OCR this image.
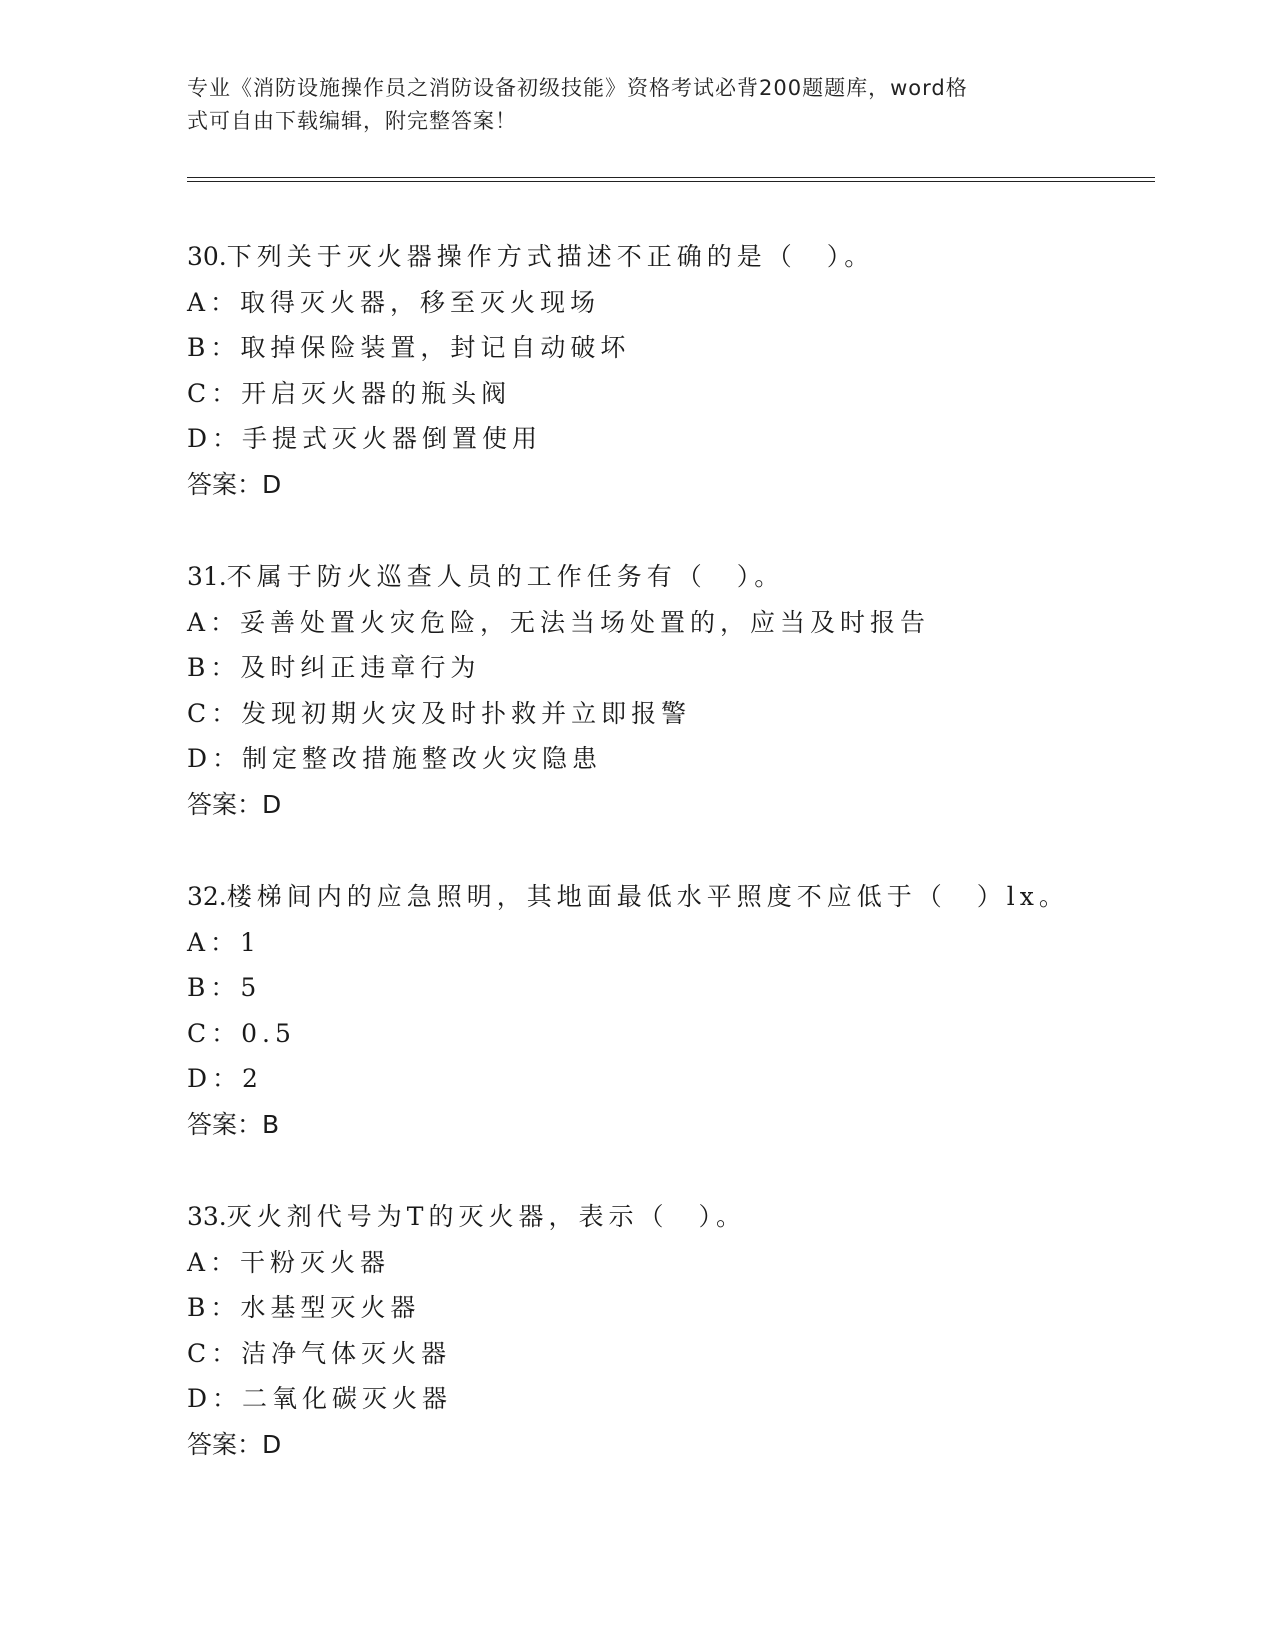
专业《消防设施操作员之消防设备初级技能》资格考试必背200题题库，word格
式可自由下载编辑，附完整答案！
30.下列关于灭火器操作方式描述不正确的是（　）。
A：取得灭火器，移至灭火现场
B：取掉保险装置，封记自动破坏
C：开启灭火器的瓶头阀
D：手提式灭火器倒置使用
答案：D
31.不属于防火巡查人员的工作任务有（　）。
A：妥善处置火灾危险，无法当场处置的，应当及时报告
B：及时纠正违章行为
C：发现初期火灾及时扑救并立即报警
D：制定整改措施整改火灾隐患
答案：D
32.楼梯间内的应急照明，其地面最低水平照度不应低于（　）lx。
A：1
B：5
C：0.5
D：2
答案：B
33.灭火剂代号为T的灭火器，表示（　）。
A：干粉灭火器
B：水基型灭火器
C：洁净气体灭火器
D：二氧化碳灭火器
答案：D
